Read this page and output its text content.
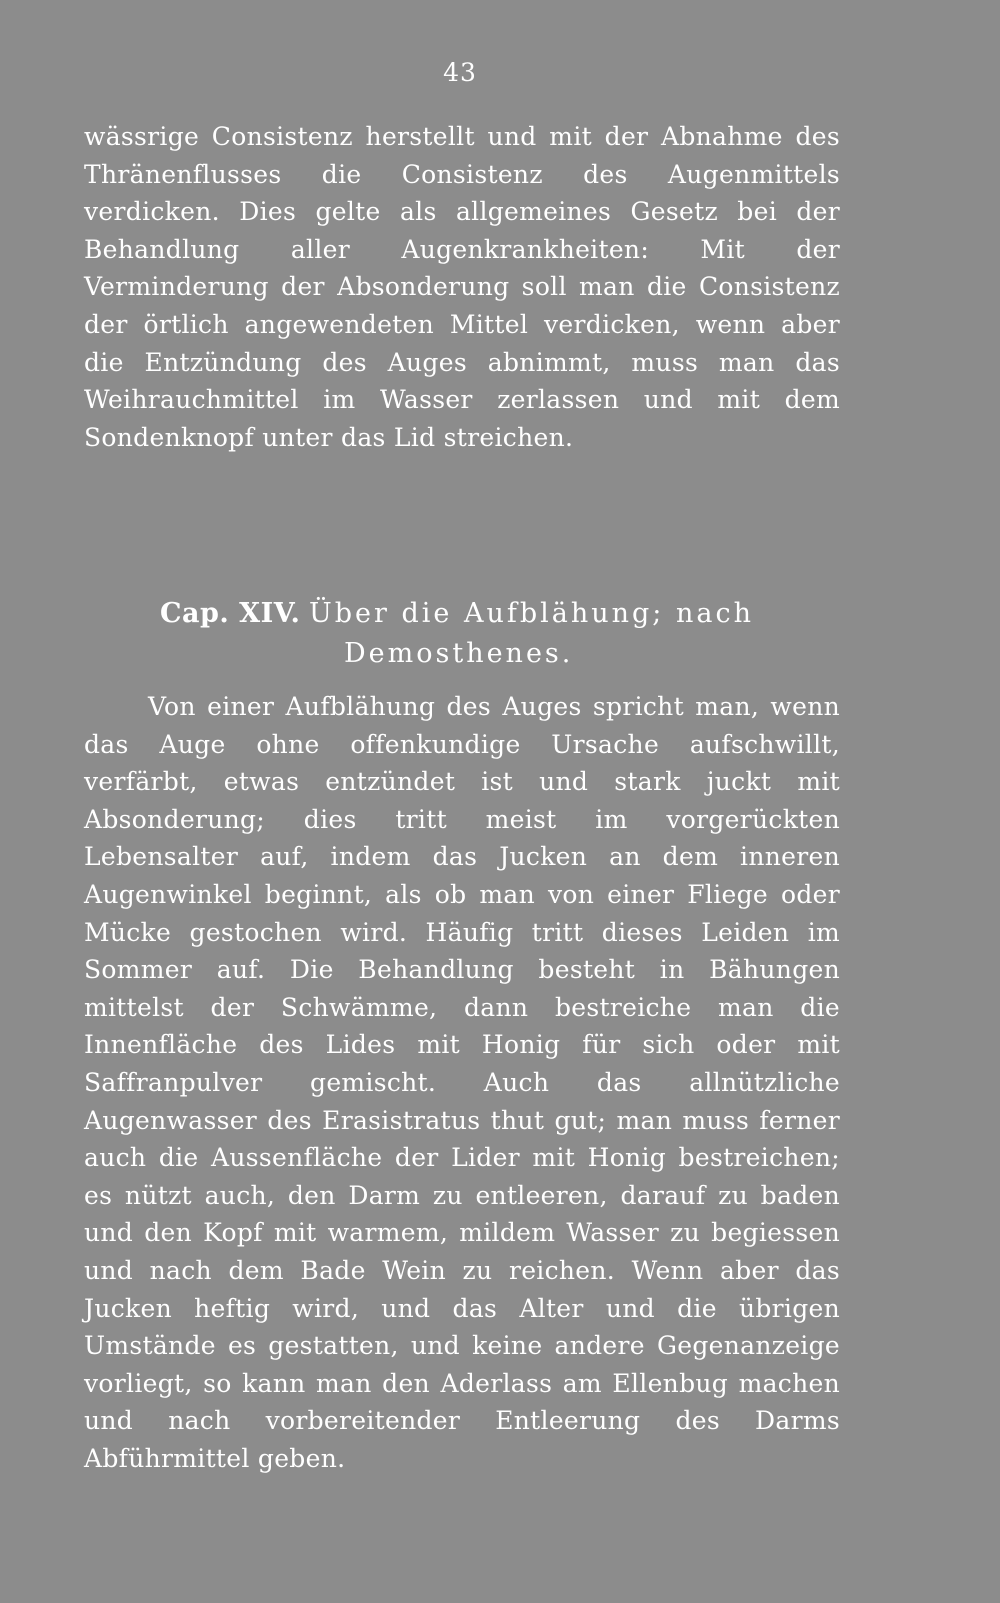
43

wässrige Consistenz herstellt und mit der Abnahme des Thränenflusses die Consistenz des Augenmittels verdicken. Dies gelte als allgemeines Gesetz bei der Behandlung aller Augenkrankheiten: Mit der Verminderung der Absonderung soll man die Consistenz der örtlich angewendeten Mittel verdicken, wenn aber die Entzündung des Auges abnimmt, muss man das Weihrauchmittel im Wasser zerlassen und mit dem Sondenknopf unter das Lid streichen.

Cap. XIV. Über die Aufblähung; nach
Demosthenes.

Von einer Aufblähung des Auges spricht man, wenn das Auge ohne offenkundige Ursache aufschwillt, verfärbt, etwas entzündet ist und stark juckt mit Absonderung; dies tritt meist im vorgerückten Lebensalter auf, indem das Jucken an dem inneren Augenwinkel beginnt, als ob man von einer Fliege oder Mücke gestochen wird. Häufig tritt dieses Leiden im Sommer auf. Die Behandlung besteht in Bähungen mittelst der Schwämme, dann bestreiche man die Innenfläche des Lides mit Honig für sich oder mit Saffranpulver gemischt. Auch das allnützliche Augenwasser des Erasistratus thut gut; man muss ferner auch die Aussenfläche der Lider mit Honig bestreichen; es nützt auch, den Darm zu entleeren, darauf zu baden und den Kopf mit warmem, mildem Wasser zu begiessen und nach dem Bade Wein zu reichen. Wenn aber das Jucken heftig wird, und das Alter und die übrigen Umstände es gestatten, und keine andere Gegenanzeige vorliegt, so kann man den Aderlass am Ellenbug machen und nach vorbereitender Entleerung des Darms Abführmittel geben.
